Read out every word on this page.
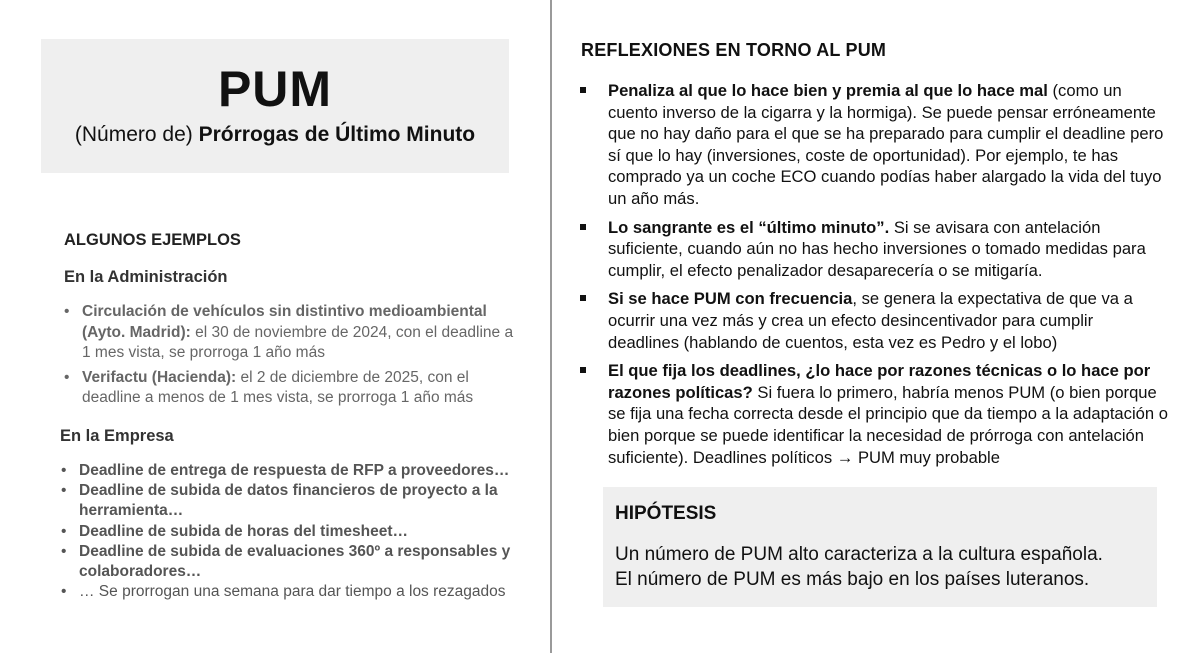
PUM
(Número de) Prórrogas de Último Minuto
ALGUNOS EJEMPLOS
En la Administración
• Circulación de vehículos sin distintivo medioambiental (Ayto. Madrid): el 30 de noviembre de 2024, con el deadline a 1 mes vista, se prorroga 1 año más
• Verifactu (Hacienda): el 2 de diciembre de 2025, con el deadline a menos de 1 mes vista, se prorroga 1 año más
En la Empresa
• Deadline de entrega de respuesta de RFP a proveedores…
• Deadline de subida de datos financieros de proyecto a la herramienta…
• Deadline de subida de horas del timesheet…
• Deadline de subida de evaluaciones 360º a responsables y colaboradores…
• … Se prorrogan una semana para dar tiempo a los rezagados
REFLEXIONES EN TORNO AL PUM
Penaliza al que lo hace bien y premia al que lo hace mal (como un cuento inverso de la cigarra y la hormiga). Se puede pensar erróneamente que no hay daño para el que se ha preparado para cumplir el deadline pero sí que lo hay (inversiones, coste de oportunidad). Por ejemplo, te has comprado ya un coche ECO cuando podías haber alargado la vida del tuyo un año más.
Lo sangrante es el “último minuto”. Si se avisara con antelación suficiente, cuando aún no has hecho inversiones o tomado medidas para cumplir, el efecto penalizador desaparecería o se mitigaría.
Si se hace PUM con frecuencia, se genera la expectativa de que va a ocurrir una vez más y crea un efecto desincentivador para cumplir deadlines (hablando de cuentos, esta vez es Pedro y el lobo)
El que fija los deadlines, ¿lo hace por razones técnicas o lo hace por razones políticas? Si fuera lo primero, habría menos PUM (o bien porque se fija una fecha correcta desde el principio que da tiempo a la adaptación o bien porque se puede identificar la necesidad de prórroga con antelación suficiente). Deadlines políticos → PUM muy probable
HIPÓTESIS
Un número de PUM alto caracteriza a la cultura española.
El número de PUM es más bajo en los países luteranos.
